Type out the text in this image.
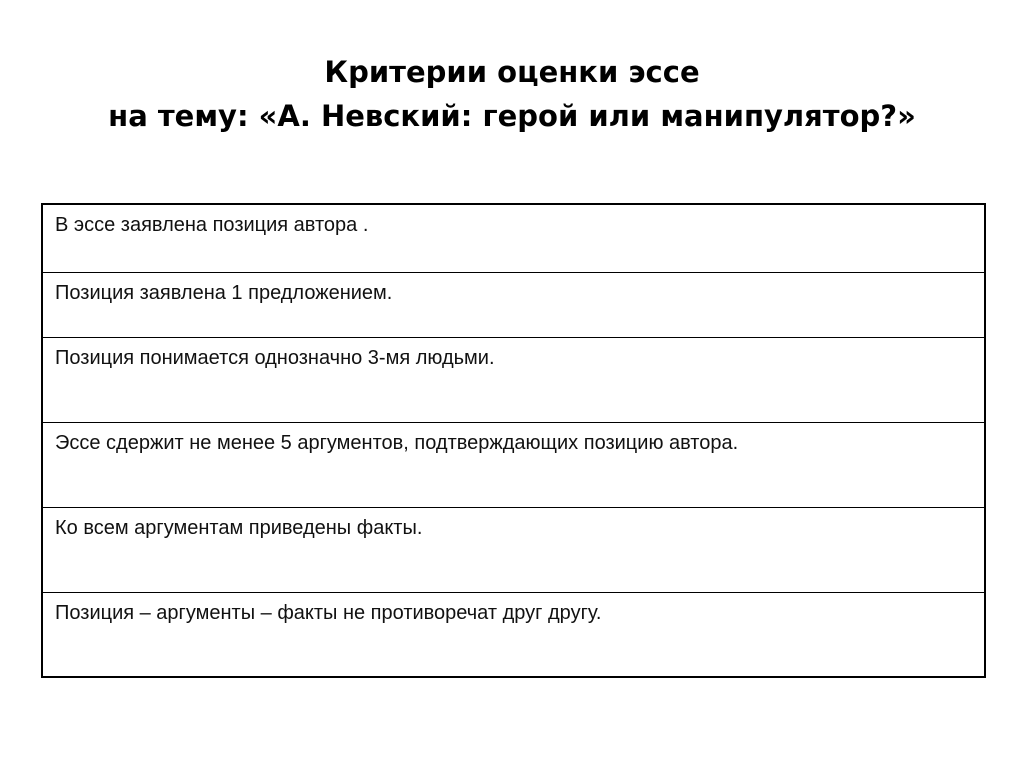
Критерии оценки эссе
на тему: «А. Невский: герой или манипулятор?»
В эссе заявлена позиция автора .
Позиция заявлена 1 предложением.
Позиция понимается однозначно 3-мя людьми.
Эссе сдержит не менее 5 аргументов, подтверждающих позицию автора.
Ко всем аргументам приведены факты.
Позиция – аргументы – факты не противоречат друг другу.
